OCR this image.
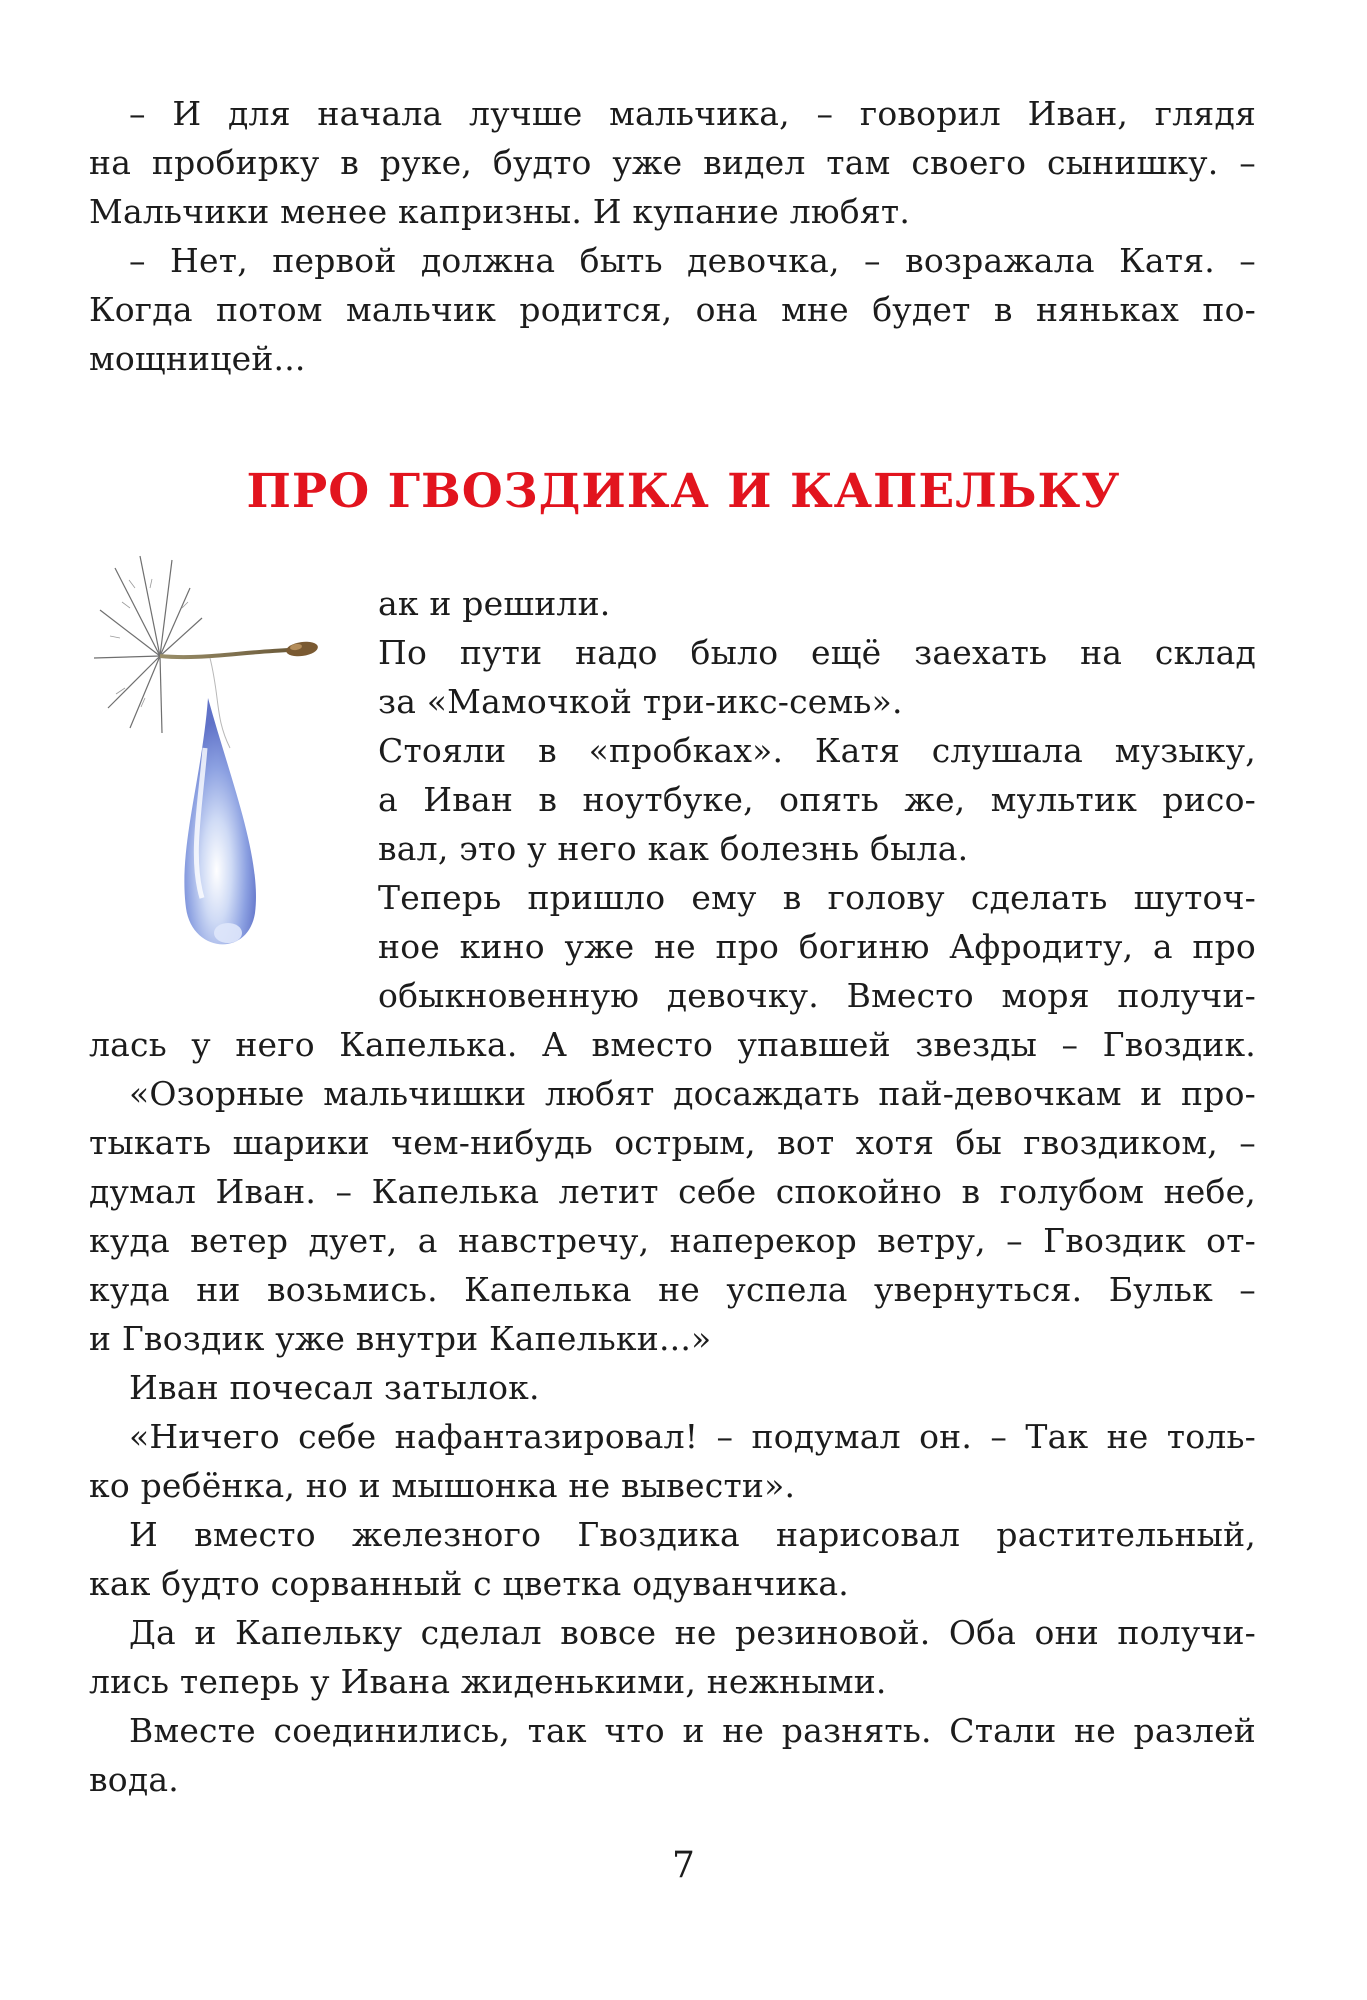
– И для начала лучше мальчика, – говорил Иван, глядя

на пробирку в руке, будто уже видел там своего сынишку. –

Мальчики менее капризны. И купание любят.

– Нет, первой должна быть девочка, – возражала Катя. –

Когда потом мальчик родится, она мне будет в няньках по-

мощницей...

ПРО ГВОЗДИКА И КАПЕЛЬКУ

ак и решили.

По пути надо было ещё заехать на склад

за «Мамочкой три-икс-семь».

Стояли в «пробках». Катя слушала музыку,

а Иван в ноутбуке, опять же, мультик рисо-

вал, это у него как болезнь была.

Теперь пришло ему в голову сделать шуточ-

ное кино уже не про богиню Афродиту, а про

обыкновенную девочку. Вместо моря получи-

лась у него Капелька. А вместо упавшей звезды – Гвоздик.

«Озорные мальчишки любят досаждать пай-девочкам и про-

тыкать шарики чем-нибудь острым, вот хотя бы гвоздиком, –

думал Иван. – Капелька летит себе спокойно в голубом небе,

куда ветер дует, а навстречу, наперекор ветру, – Гвоздик от-

куда ни возьмись. Капелька не успела увернуться. Бульк –

и Гвоздик уже внутри Капельки...»

Иван почесал затылок.

«Ничего себе нафантазировал! – подумал он. – Так не толь-

ко ребёнка, но и мышонка не вывести».

И вместо железного Гвоздика нарисовал растительный,

как будто сорванный с цветка одуванчика.

Да и Капельку сделал вовсе не резиновой. Оба они получи-

лись теперь у Ивана жиденькими, нежными.

Вместе соединились, так что и не разнять. Стали не разлей

вода.

7
